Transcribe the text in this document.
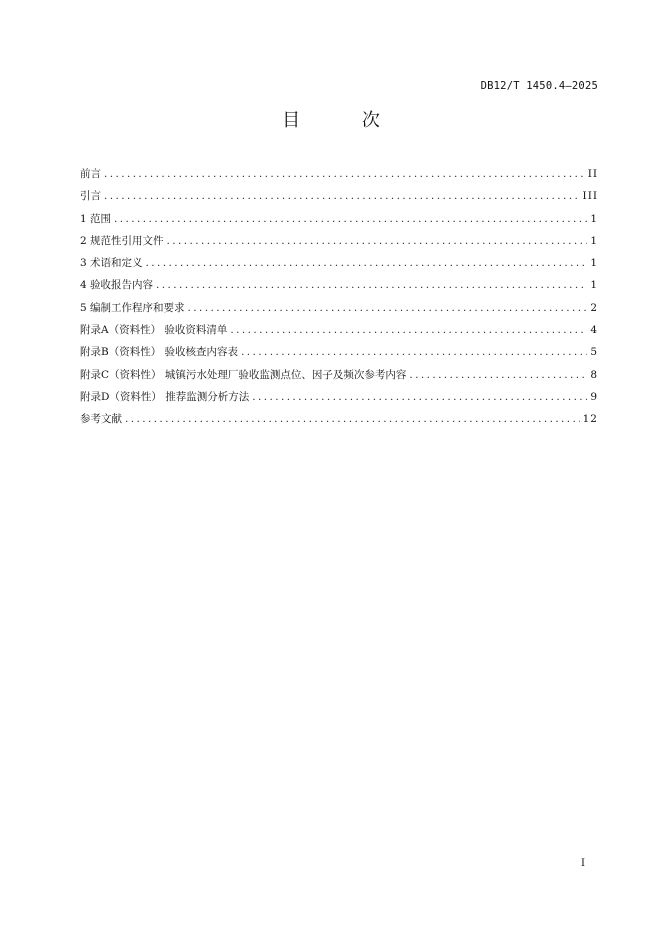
DB12/T 1450.4—2025
目 次
前言 .....	II
引言 .....	III
1 范围 .....	1
2 规范性引用文件 .....	1
3 术语和定义 .....	1
4 验收报告内容 .....	1
5 编制工作程序和要求 .....	2
附录A（资料性） 验收资料清单 .....	4
附录B（资料性） 验收核查内容表 .....	5
附录C（资料性） 城镇污水处理厂验收监测点位、因子及频次参考内容 .....	8
附录D（资料性） 推荐监测分析方法 .....	9
参考文献 .....	12
I
